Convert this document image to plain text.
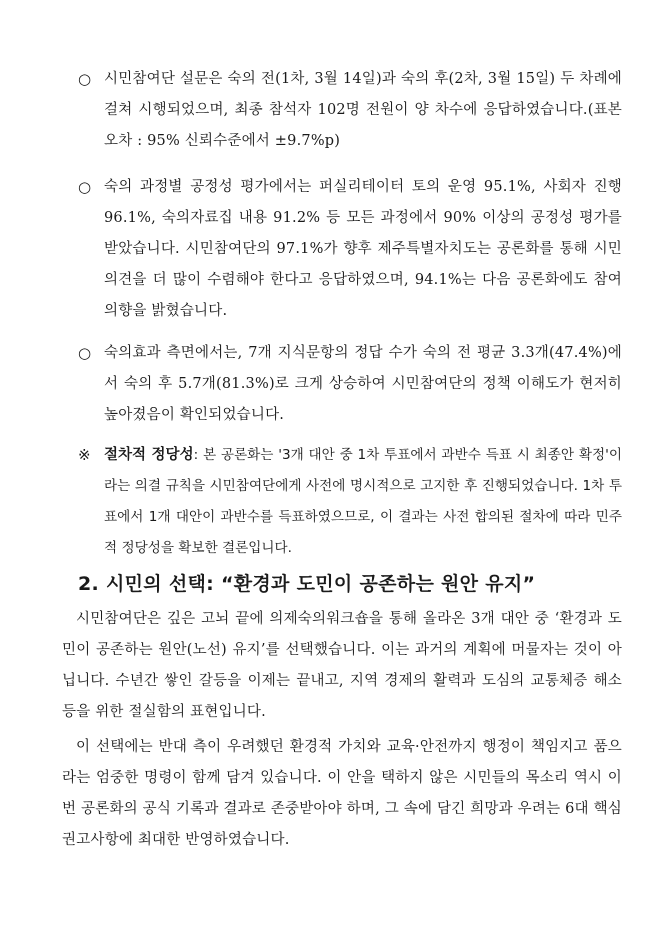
○ 시민참여단 설문은 숙의 전(1차, 3월 14일)과 숙의 후(2차, 3월 15일) 두 차례에 걸쳐 시행되었으며, 최종 참석자 102명 전원이 양 차수에 응답하였습니다.(표본오차 : 95% 신뢰수준에서 ±9.7%p)
○ 숙의 과정별 공정성 평가에서는 퍼실리테이터 토의 운영 95.1%, 사회자 진행 96.1%, 숙의자료집 내용 91.2% 등 모든 과정에서 90% 이상의 공정성 평가를 받았습니다. 시민참여단의 97.1%가 향후 제주특별자치도는 공론화를 통해 시민 의견을 더 많이 수렴해야 한다고 응답하였으며, 94.1%는 다음 공론화에도 참여 의향을 밝혔습니다.
○ 숙의효과 측면에서는, 7개 지식문항의 정답 수가 숙의 전 평균 3.3개(47.4%)에서 숙의 후 5.7개(81.3%)로 크게 상승하여 시민참여단의 정책 이해도가 현저히 높아졌음이 확인되었습니다.
※ 절차적 정당성: 본 공론화는 '3개 대안 중 1차 투표에서 과반수 득표 시 최종안 확정'이라는 의결 규칙을 시민참여단에게 사전에 명시적으로 고지한 후 진행되었습니다. 1차 투표에서 1개 대안이 과반수를 득표하였으므로, 이 결과는 사전 합의된 절차에 따라 민주적 정당성을 확보한 결론입니다.
2. 시민의 선택: “환경과 도민이 공존하는 원안 유지”
시민참여단은 깊은 고뇌 끝에 의제숙의워크숍을 통해 올라온 3개 대안 중 ‘환경과 도민이 공존하는 원안(노선) 유지’를 선택했습니다. 이는 과거의 계획에 머물자는 것이 아닙니다. 수년간 쌓인 갈등을 이제는 끝내고, 지역 경제의 활력과 도심의 교통체증 해소 등을 위한 절실함의 표현입니다.
이 선택에는 반대 측이 우려했던 환경적 가치와 교육·안전까지 행정이 책임지고 품으라는 엄중한 명령이 함께 담겨 있습니다. 이 안을 택하지 않은 시민들의 목소리 역시 이번 공론화의 공식 기록과 결과로 존중받아야 하며, 그 속에 담긴 희망과 우려는 6대 핵심 권고사항에 최대한 반영하였습니다.
